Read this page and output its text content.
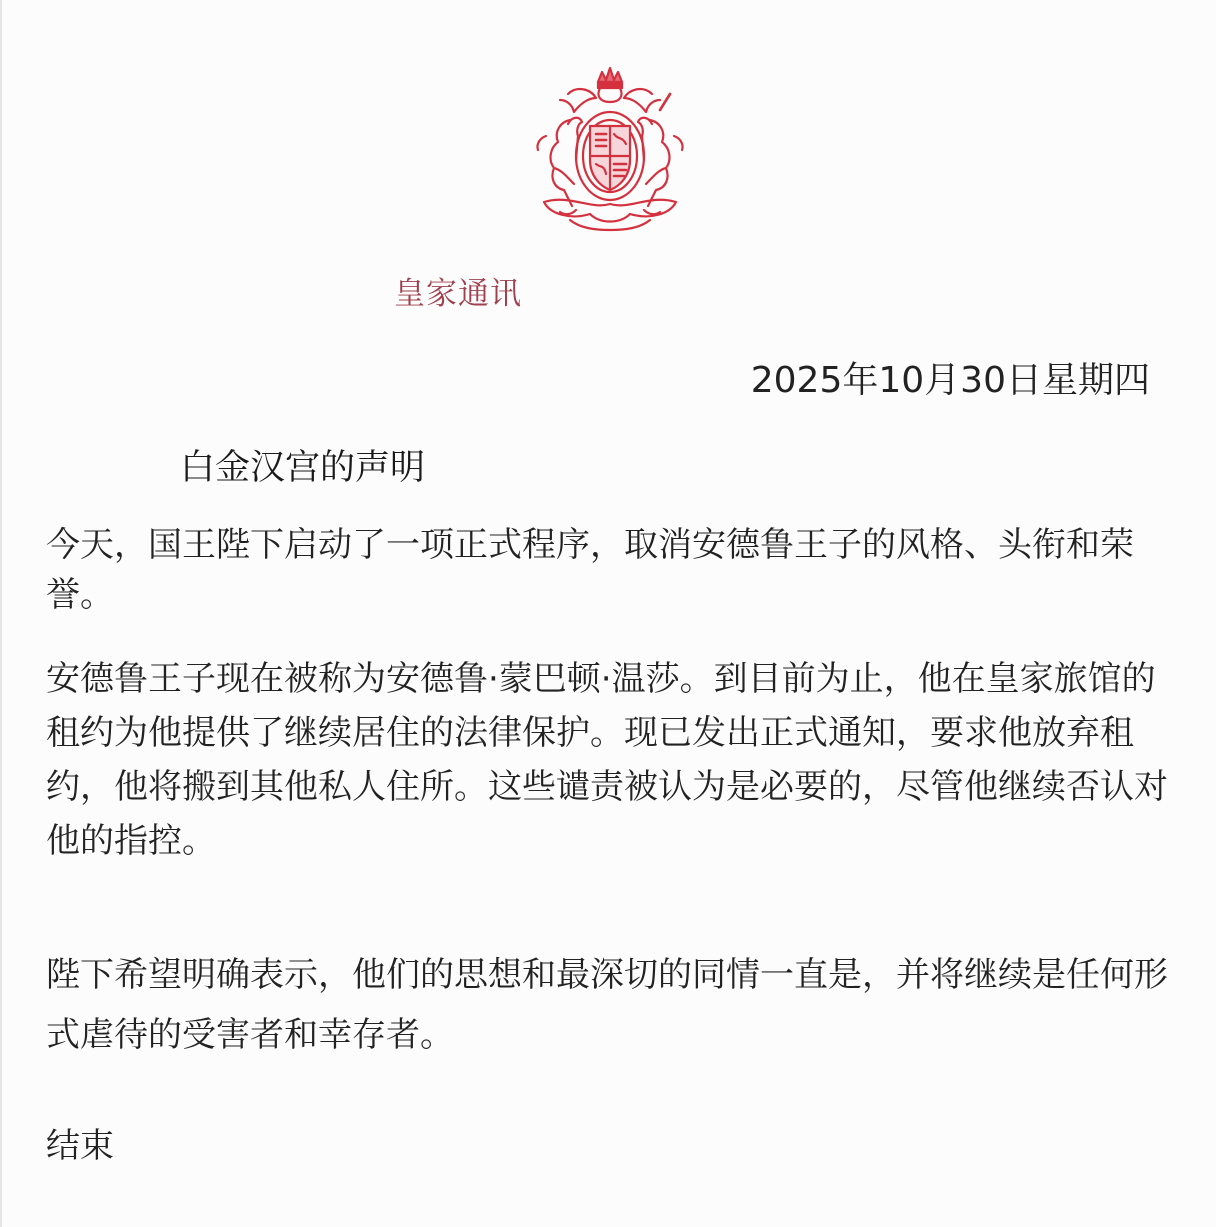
皇家通讯
2025年10月30日星期四
白金汉宫的声明

今天，国王陛下启动了一项正式程序，取消安德鲁王子的风格、头衔和荣誉。

安德鲁王子现在被称为安德鲁·蒙巴顿·温莎。到目前为止，他在皇家旅馆的租约为他提供了继续居住的法律保护。现已发出正式通知，要求他放弃租约，他将搬到其他私人住所。这些谴责被认为是必要的，尽管他继续否认对他的指控。

陛下希望明确表示，他们的思想和最深切的同情一直是，并将继续是任何形式虐待的受害者和幸存者。

结束
